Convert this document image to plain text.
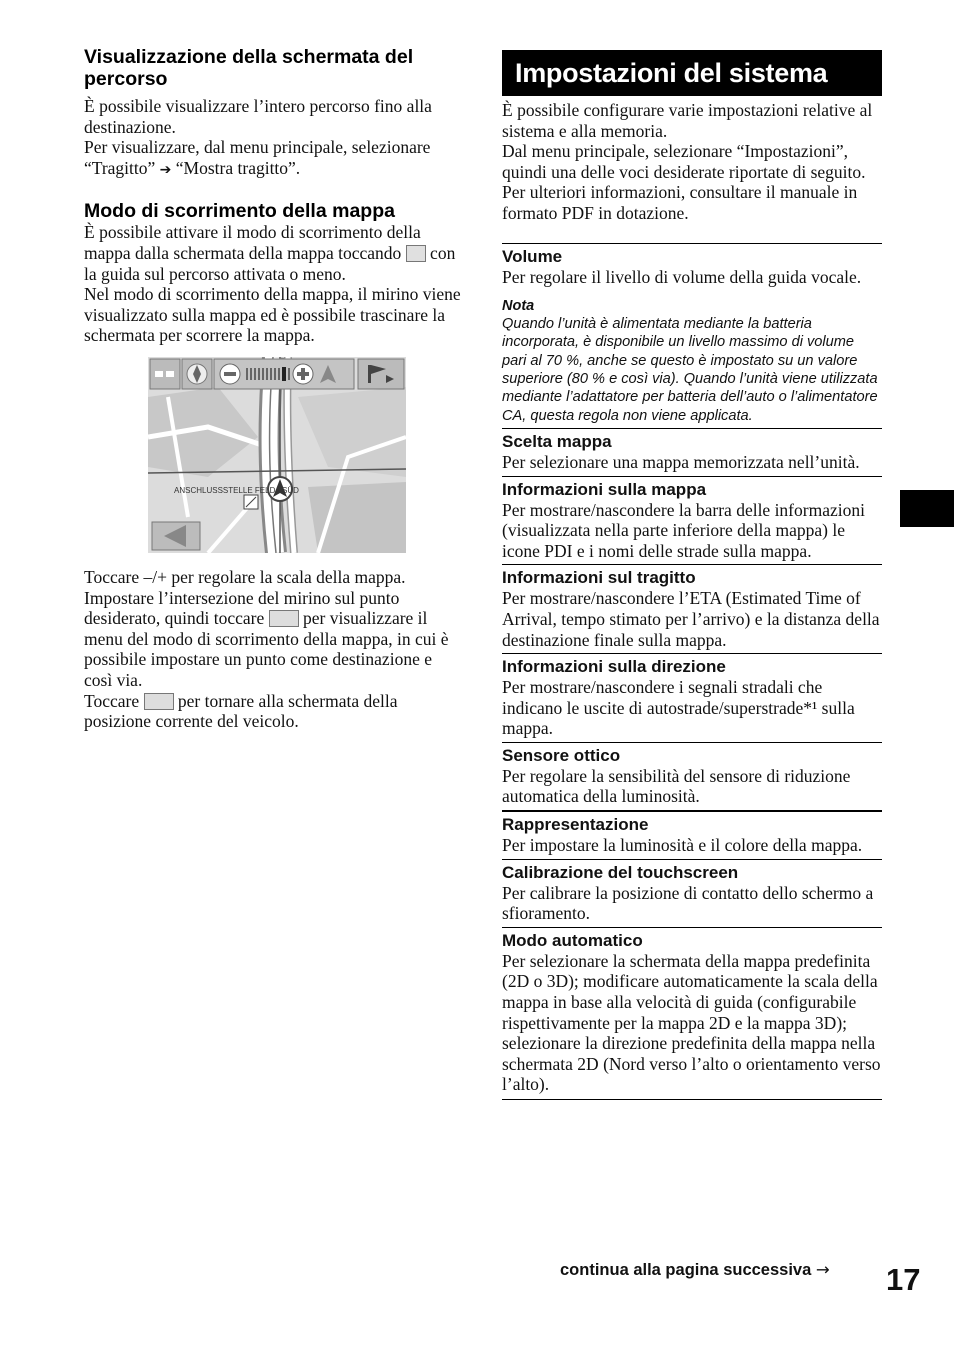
Visualizzazione della schermata del percorso

È possibile visualizzare l’intero percorso fino alla destinazione.

Per visualizzare, dal menu principale, selezionare “Tragitto” ➔ “Mostra tragitto”.

Modo di scorrimento della mappa

È possibile attivare il modo di scorrimento della mappa dalla schermata della mappa toccando  con la guida sul percorso attivata o meno.

Nel modo di scorrimento della mappa, il mirino viene visualizzato sulla mappa ed è possibile trascinare la schermata per scorrere la mappa.

ANSCHLUSSSTELLE FELD...SÜD

Toccare –/+ per regolare la scala della mappa.

Impostare l’intersezione del mirino sul punto desiderato, quindi toccare  per visualizzare il menu del modo di scorrimento della mappa, in cui è possibile impostare un punto come destinazione e così via.

Toccare  per tornare alla schermata della posizione corrente del veicolo.

Impostazioni del sistema

È possibile configurare varie impostazioni relative al sistema e alla memoria.

Dal menu principale, selezionare “Impostazioni”, quindi una delle voci desiderate riportate di seguito.

Per ulteriori informazioni, consultare il manuale in formato PDF in dotazione.

Volume

Per regolare il livello di volume della guida vocale.

Nota

Quando l’unità è alimentata mediante la batteria incorporata, è disponibile un livello massimo di volume pari al 70 %, anche se questo è impostato su un valore superiore (80 % e così via). Quando l’unità viene utilizzata mediante l’adattatore per batteria dell’auto o l’alimentatore CA, questa regola non viene applicata.

Scelta mappa

Per selezionare una mappa memorizzata nell’unità.

Informazioni sulla mappa

Per mostrare/nascondere la barra delle informazioni (visualizzata nella parte inferiore della mappa) le icone PDI e i nomi delle strade sulla mappa.

Informazioni sul tragitto

Per mostrare/nascondere l’ETA (Estimated Time of Arrival, tempo stimato per l’arrivo) e la distanza della destinazione finale sulla mappa.

Informazioni sulla direzione

Per mostrare/nascondere i segnali stradali che indicano le uscite di autostrade/superstrade*¹ sulla mappa.

Sensore ottico

Per regolare la sensibilità del sensore di riduzione automatica della luminosità.

Rappresentazione

Per impostare la luminosità e il colore della mappa.

Calibrazione del touchscreen

Per calibrare la posizione di contatto dello schermo a sfioramento.

Modo automatico

Per selezionare la schermata della mappa predefinita (2D o 3D); modificare automaticamente la scala della mappa in base alla velocità di guida (configurabile rispettivamente per la mappa 2D e la mappa 3D); selezionare la direzione predefinita della mappa nella schermata 2D (Nord verso l’alto o orientamento verso l’alto).

continua alla pagina successiva → 17
